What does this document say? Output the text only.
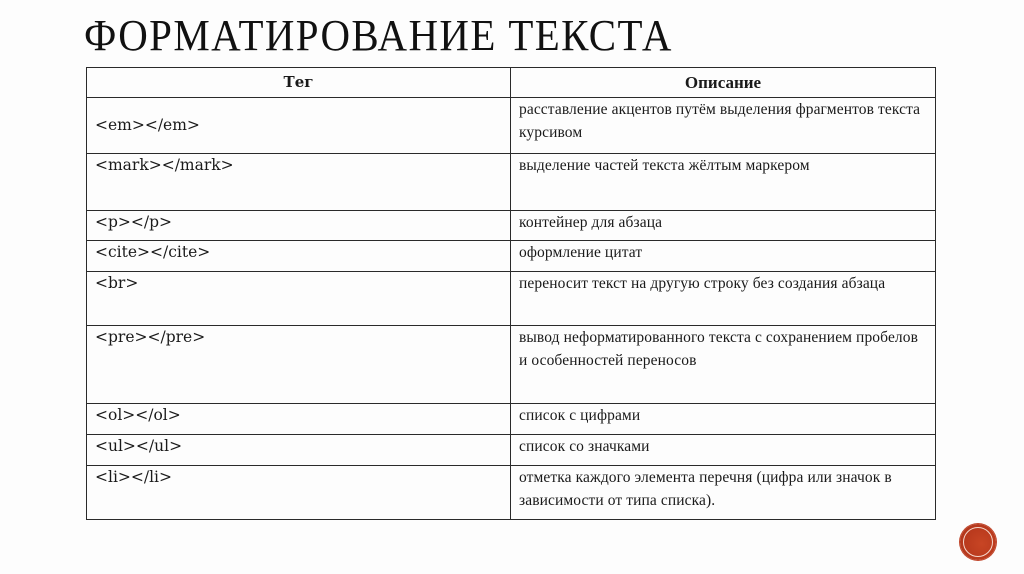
ФОРМАТИРОВАНИЕ ТЕКСТА
Тег	Описание
<em></em>	расставление акцентов путём выделения фрагментов текста курсивом
<mark></mark>	выделение частей текста жёлтым маркером
<p></p>	контейнер для абзаца
<cite></cite>	оформление цитат
<br>	переносит текст на другую строку без создания абзаца
<pre></pre>	вывод неформатированного текста с сохранением пробелов и особенностей переносов
<ol></ol>	список с цифрами
<ul></ul>	список со значками
<li></li>	отметка каждого элемента перечня (цифра или значок в зависимости от типа списка).
